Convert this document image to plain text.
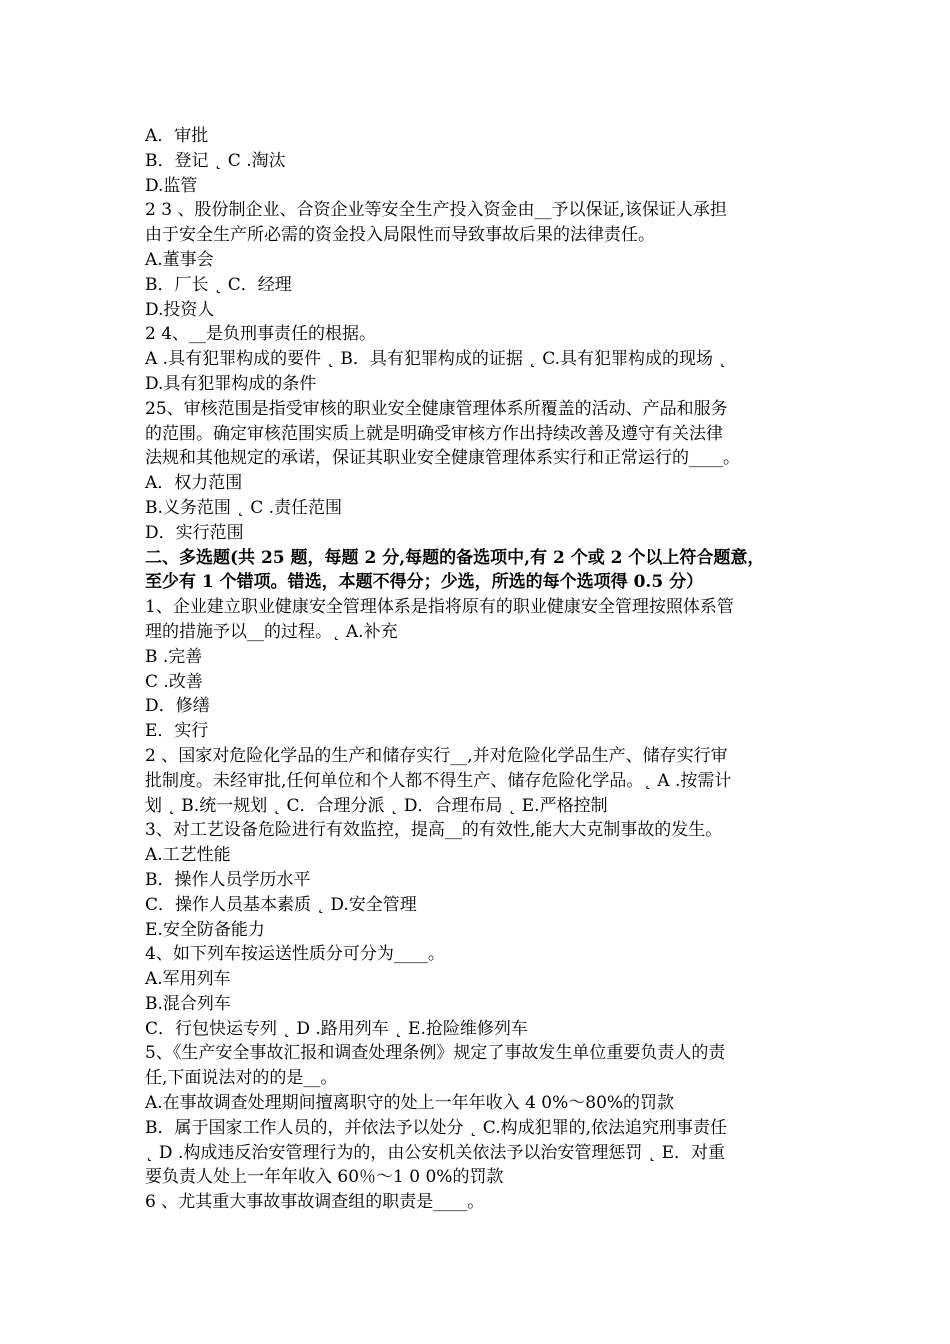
A．审批
B．登记 ˛ C .淘汰
D.监管
2 3 、股份制企业、合资企业等安全生产投入资金由__予以保证,该保证人承担
由于安全生产所必需的资金投入局限性而导致事故后果的法律责任。
A.董事会
B．厂长 ˛ C．经理
D.投资人
2 4、__是负刑事责任的根据。
A .具有犯罪构成的要件 ˛ B．具有犯罪构成的证据 ˛ C.具有犯罪构成的现场 ˛
D.具有犯罪构成的条件
25、审核范围是指受审核的职业安全健康管理体系所覆盖的活动、产品和服务
的范围。确定审核范围实质上就是明确受审核方作出持续改善及遵守有关法律
法规和其他规定的承诺，保证其职业安全健康管理体系实行和正常运行的____。
A．权力范围
B.义务范围 ˛ C .责任范围
D．实行范围
二、多选题(共 25 题，每题 2 分,每题的备选项中,有 2 个或 2 个以上符合题意，
至少有 1 个错项。错选，本题不得分；少选，所选的每个选项得 0.5 分）
1、企业建立职业健康安全管理体系是指将原有的职业健康安全管理按照体系管
理的措施予以__的过程。˛ A.补充
B .完善
C .改善
D．修缮
E．实行
2 、国家对危险化学品的生产和储存实行__,并对危险化学品生产、储存实行审
批制度。未经审批,任何单位和个人都不得生产、储存危险化学品。˛ A .按需计
划 ˛ B.统一规划 ˛ C．合理分派 ˛ D．合理布局 ˛ E.严格控制
3、对工艺设备危险进行有效监控，提高__的有效性,能大大克制事故的发生。
A.工艺性能
B．操作人员学历水平
C．操作人员基本素质 ˛ D.安全管理
E.安全防备能力
4、如下列车按运送性质分可分为____。
A.军用列车
B.混合列车
C．行包快运专列 ˛ D .路用列车 ˛ E.抢险维修列车
5、《生产安全事故汇报和调查处理条例》规定了事故发生单位重要负责人的责
任,下面说法对的的是__。
A.在事故调查处理期间擅离职守的处上一年年收入 4 0%～80%的罚款
B．属于国家工作人员的，并依法予以处分 ˛ C.构成犯罪的,依法追究刑事责任
˛ D .构成违反治安管理行为的，由公安机关依法予以治安管理惩罚 ˛ E．对重
要负责人处上一年年收入 60％～1 0 0%的罚款
6 、尤其重大事故事故调查组的职责是____。
